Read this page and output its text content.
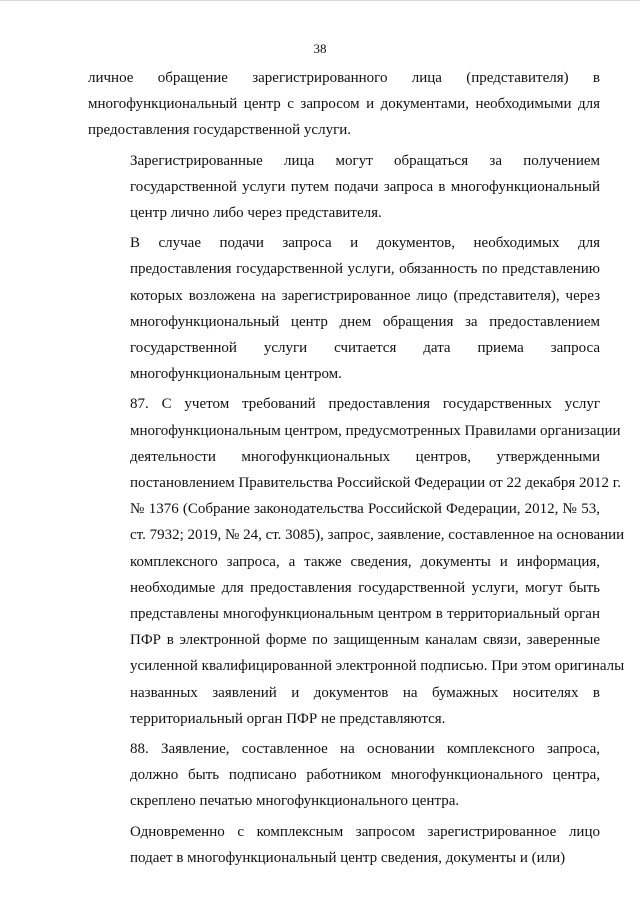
38
личное обращение зарегистрированного лица (представителя) в
многофункциональный центр с запросом и документами, необходимыми для
предоставления государственной услуги.
Зарегистрированные лица могут обращаться за получением
государственной услуги путем подачи запроса в многофункциональный
центр лично либо через представителя.
В случае подачи запроса и документов, необходимых для
предоставления государственной услуги, обязанность по представлению
которых возложена на зарегистрированное лицо (представителя), через
многофункциональный центр днем обращения за предоставлением
государственной услуги считается дата приема запроса
многофункциональным центром.
87. С учетом требований предоставления государственных услуг
многофункциональным центром, предусмотренных Правилами организации
деятельности многофункциональных центров, утвержденными
постановлением Правительства Российской Федерации от 22 декабря 2012 г.
№ 1376 (Собрание законодательства Российской Федерации, 2012, № 53,
ст. 7932; 2019, № 24, ст. 3085), запрос, заявление, составленное на основании
комплексного запроса, а также сведения, документы и информация,
необходимые для предоставления государственной услуги, могут быть
представлены многофункциональным центром в территориальный орган
ПФР в электронной форме по защищенным каналам связи, заверенные
усиленной квалифицированной электронной подписью. При этом оригиналы
названных заявлений и документов на бумажных носителях в
территориальный орган ПФР не представляются.
88. Заявление, составленное на основании комплексного запроса,
должно быть подписано работником многофункционального центра,
скреплено печатью многофункционального центра.
Одновременно с комплексным запросом зарегистрированное лицо
подает в многофункциональный центр сведения, документы и (или)
